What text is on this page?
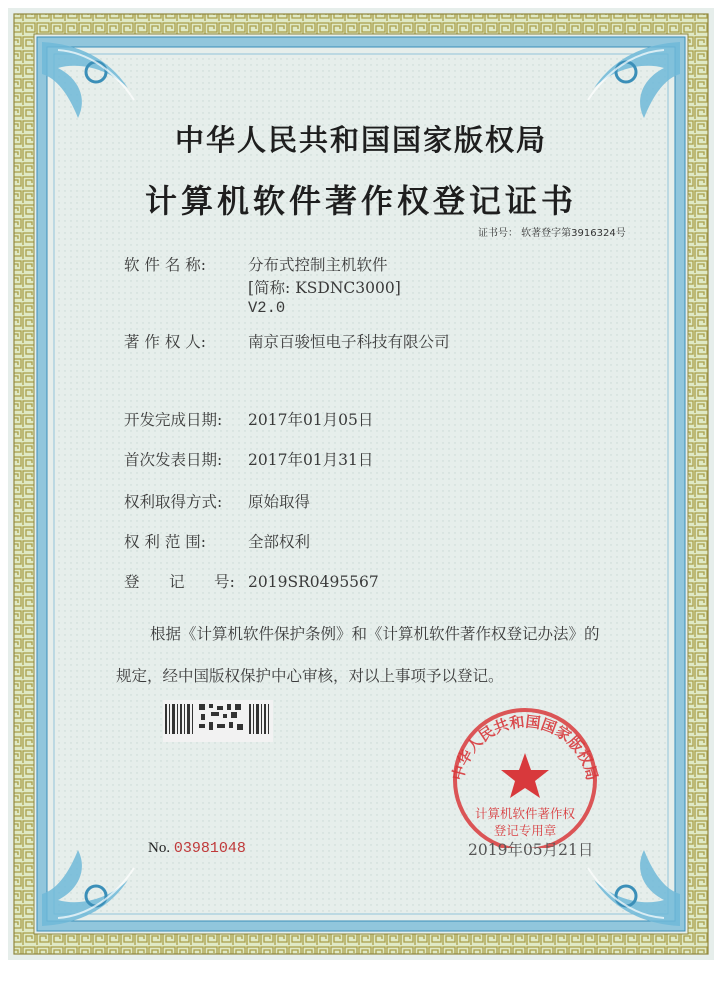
中华人民共和国国家版权局
计算机软件著作权登记证书
证书号： 软著登字第3916324号
软 件 名 称:	分布式控制主机软件
[简称: KSDNC3000]
V2.0
著 作 权 人:	南京百骏恒电子科技有限公司
开发完成日期: 2017年01月05日
首次发表日期: 2017年01月31日
权利取得方式: 原始取得
权 利 范 围:	全部权利
登      记      号: 2019SR0495567
根据《计算机软件保护条例》和《计算机软件著作权登记办法》的
规定，经中国版权保护中心审核，对以上事项予以登记。
中华人民共和国国家版权局
计算机软件著作权
登记专用章
No. 03981048	2019年05月21日
